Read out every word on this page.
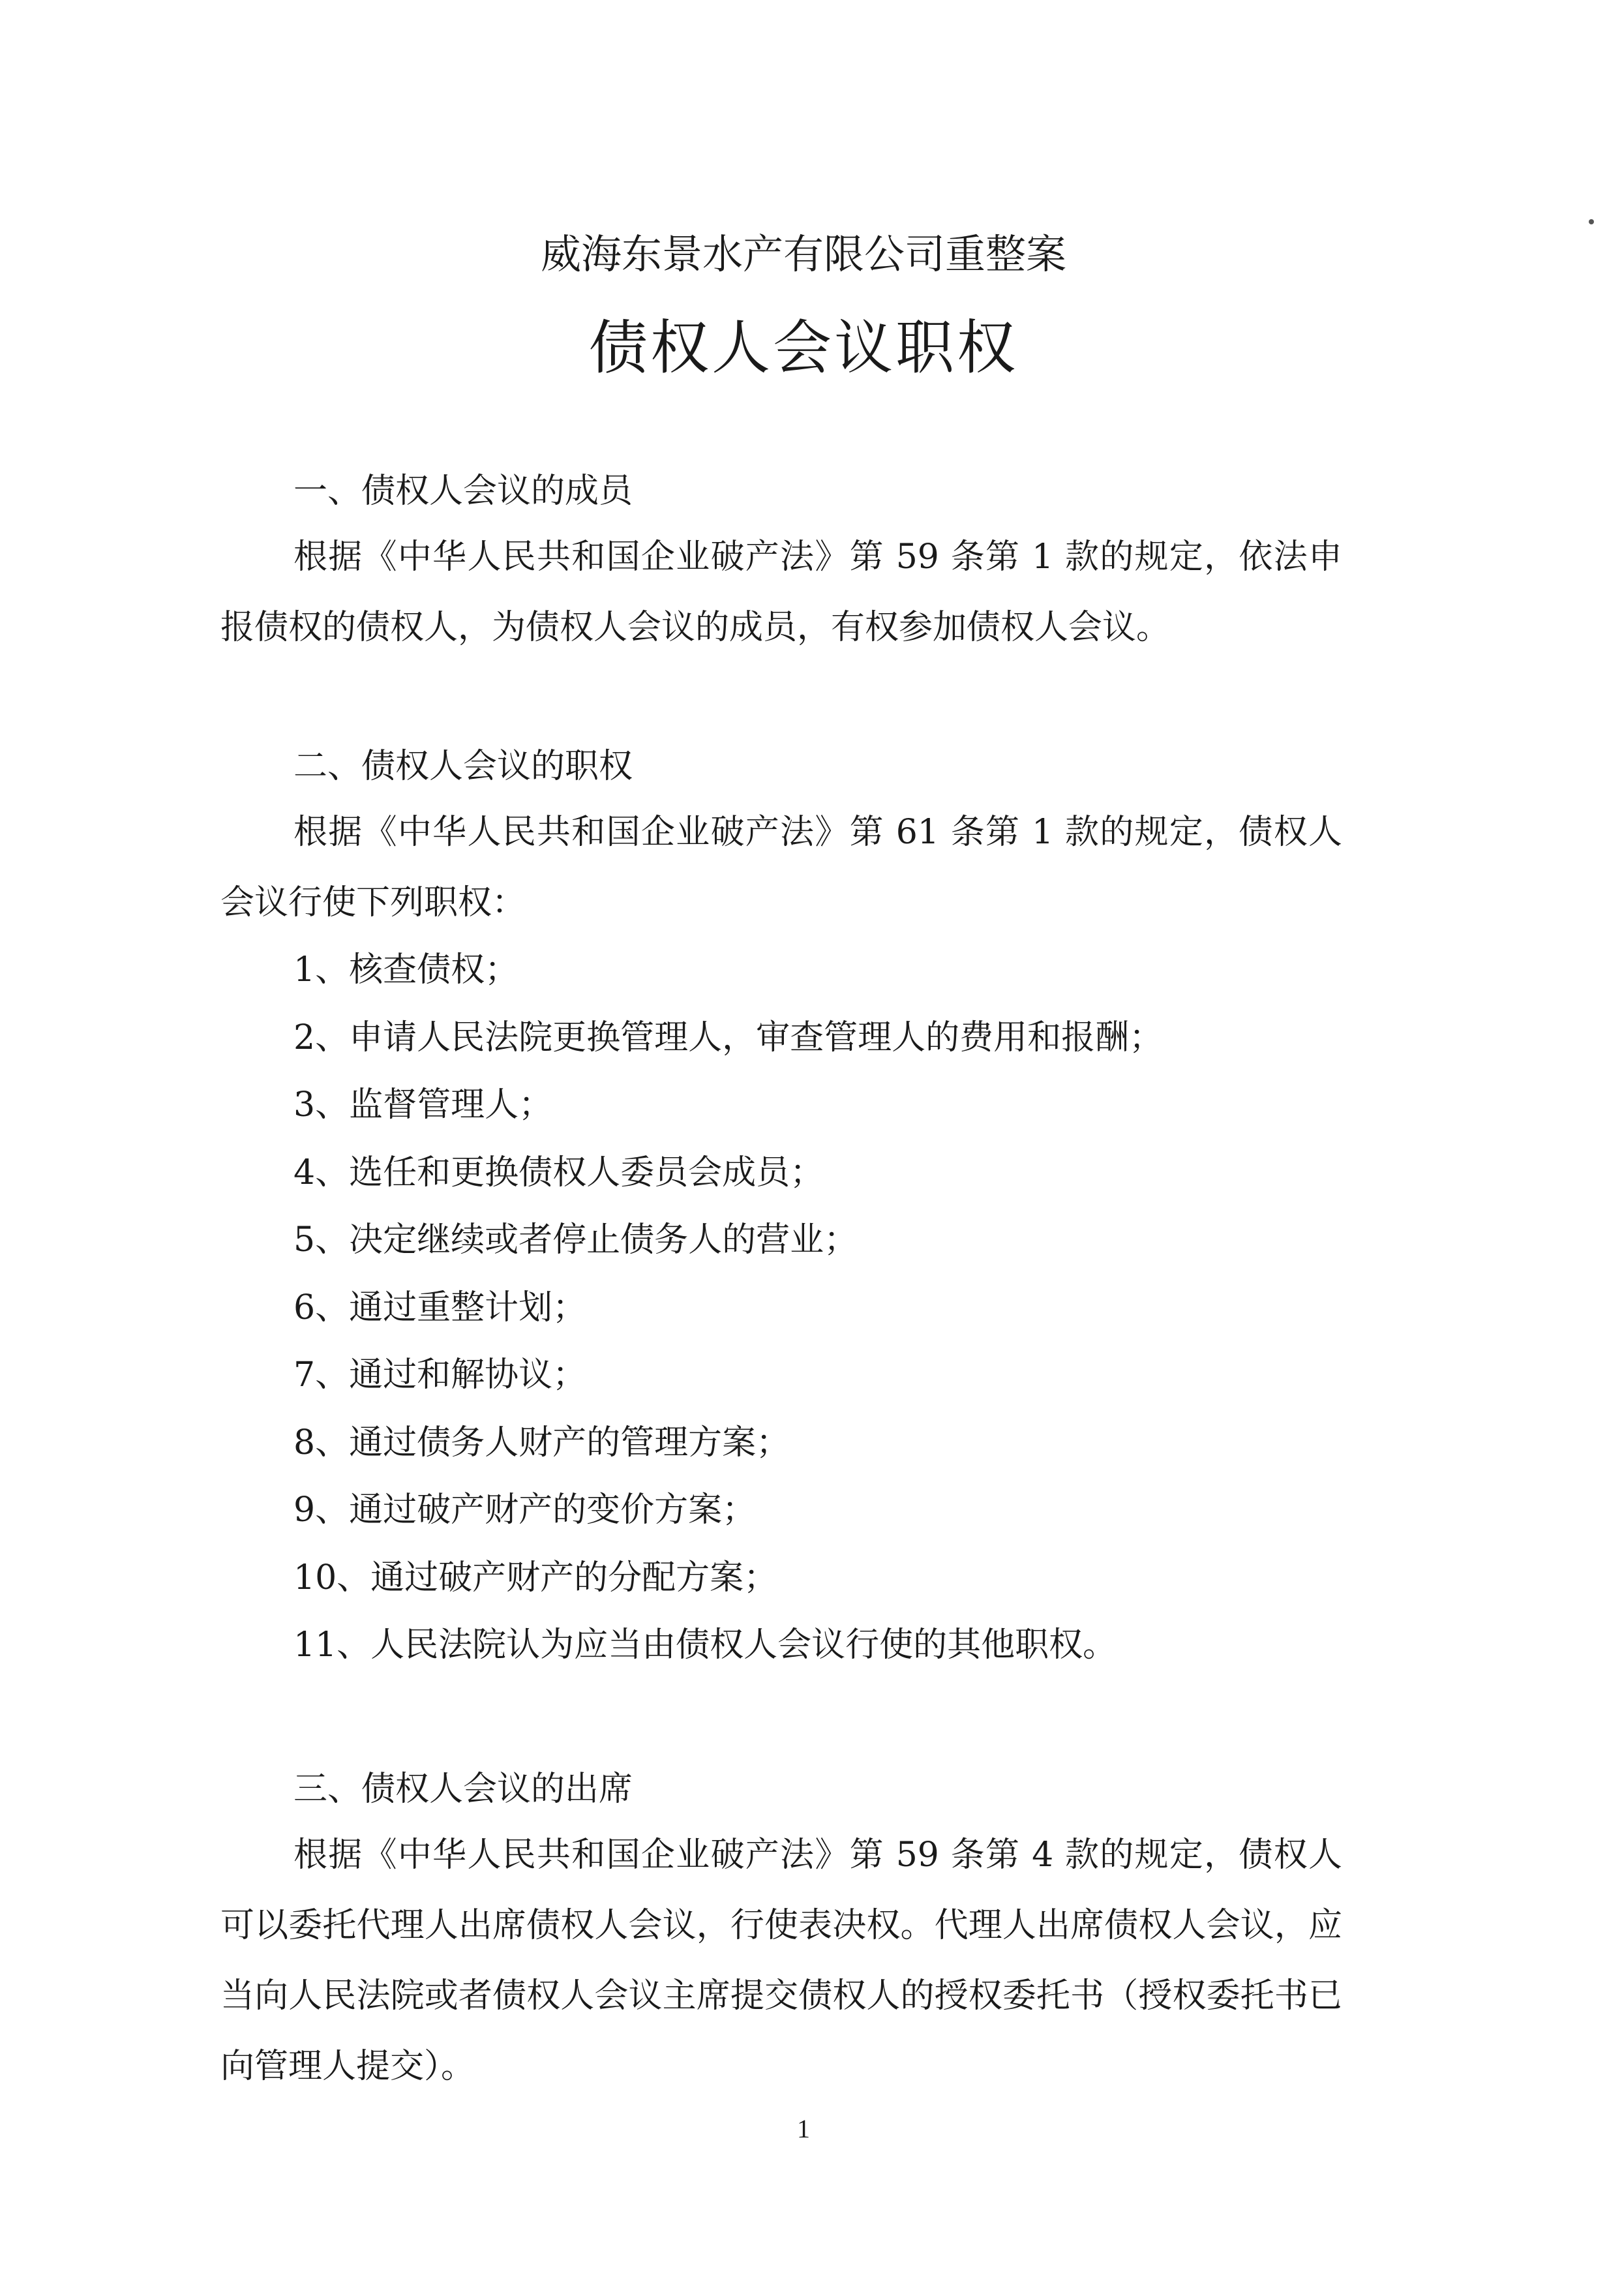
威海东景水产有限公司重整案
债权人会议职权
一、债权人会议的成员
根据《中华人民共和国企业破产法》第 59 条第 1 款的规定，依法申报债权的债权人，为债权人会议的成员，有权参加债权人会议。
二、债权人会议的职权
根据《中华人民共和国企业破产法》第 61 条第 1 款的规定，债权人会议行使下列职权：
1、核查债权；
2、申请人民法院更换管理人，审查管理人的费用和报酬；
3、监督管理人；
4、选任和更换债权人委员会成员；
5、决定继续或者停止债务人的营业；
6、通过重整计划；
7、通过和解协议；
8、通过债务人财产的管理方案；
9、通过破产财产的变价方案；
10、通过破产财产的分配方案；
11、人民法院认为应当由债权人会议行使的其他职权。
三、债权人会议的出席
根据《中华人民共和国企业破产法》第 59 条第 4 款的规定，债权人可以委托代理人出席债权人会议，行使表决权。代理人出席债权人会议，应当向人民法院或者债权人会议主席提交债权人的授权委托书（授权委托书已向管理人提交）。
1
